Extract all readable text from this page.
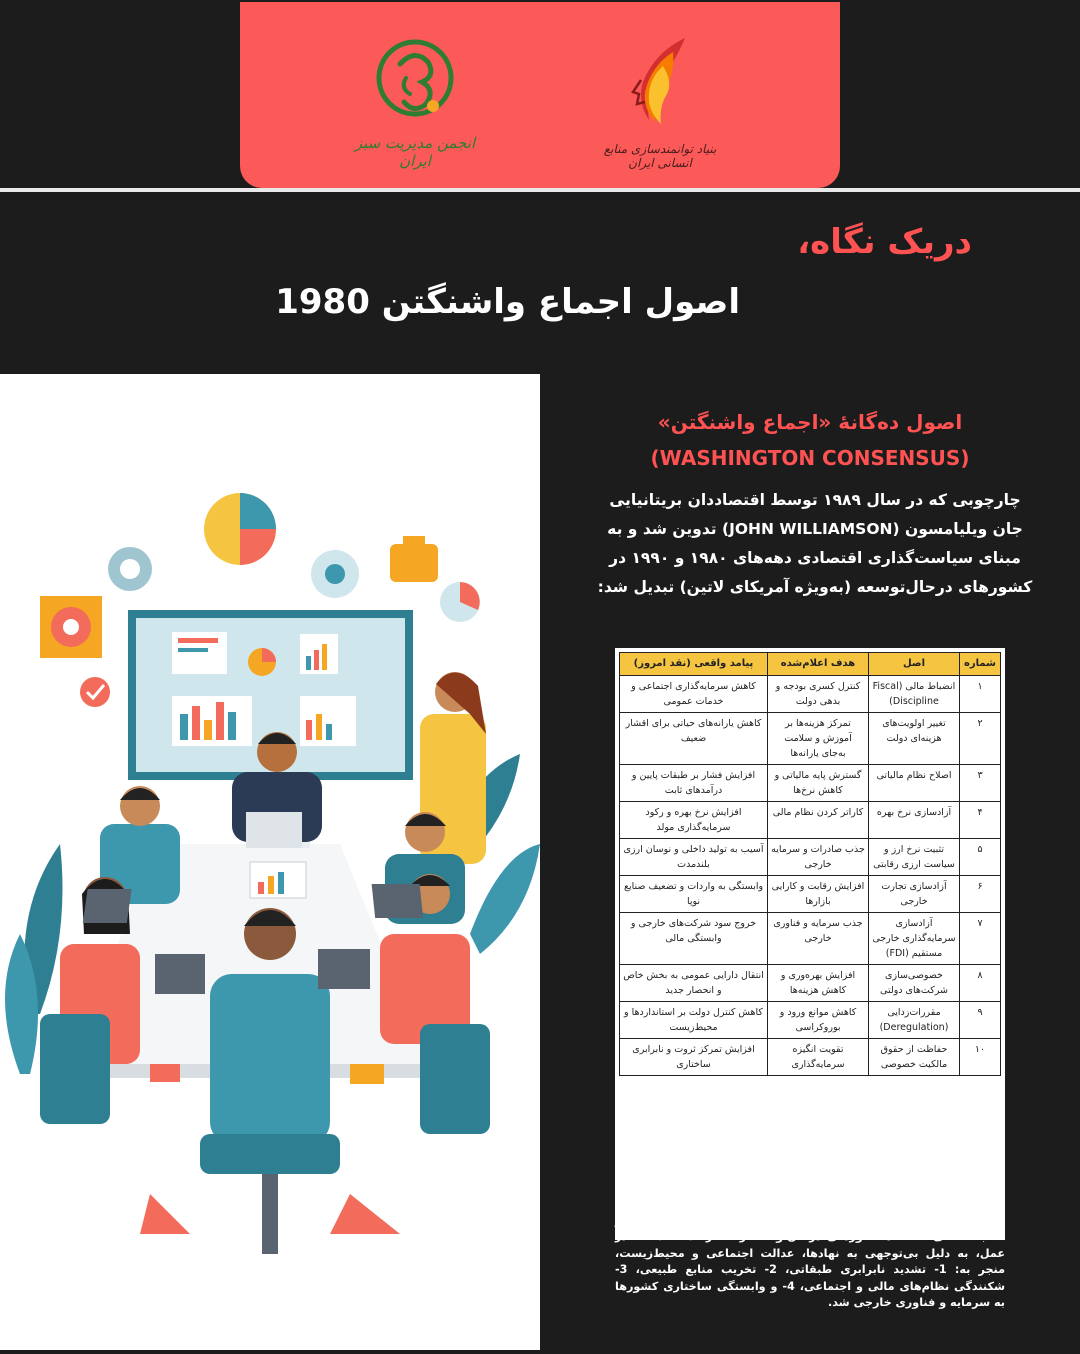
انجمن مدیریت سبز ایران
بنیاد توانمندسازی منابع انسانی ایران
دریک نگاه،
اصول اجماع واشنگتن 1980
اصول ده‌گانهٔ «اجماع واشنگتن»
(WASHINGTON CONSENSUS)
چارچوبی که در سال ۱۹۸۹ توسط اقتصاددان بریتانیایی
جان ویلیامسون (JOHN WILLIAMSON) تدوین شد و به
مبنای سیاست‌گذاری اقتصادی دهه‌های ۱۹۸۰ و ۱۹۹۰ در
کشورهای درحال‌توسعه (به‌ویژه آمریکای لاتین) تبدیل شد:
شماره	اصل	هدف اعلام‌شده	پیامد واقعی (نقد امروز)
۱	انضباط مالی (Fiscal Discipline)	کنترل کسری بودجه و بدهی دولت	کاهش سرمایه‌گذاری اجتماعی و خدمات عمومی
۲	تغییر اولویت‌های هزینه‌ای دولت	تمرکز هزینه‌ها بر آموزش و سلامت به‌جای یارانه‌ها	کاهش یارانه‌های حیاتی برای اقشار ضعیف
۳	اصلاح نظام مالیاتی	گسترش پایه مالیاتی و کاهش نرخ‌ها	افزایش فشار بر طبقات پایین و درآمدهای ثابت
۴	آزادسازی نرخ بهره	کاراتر کردن نظام مالی	افزایش نرخ بهره و رکود سرمایه‌گذاری مولد
۵	تثبیت نرخ ارز و سیاست ارزی رقابتی	جذب صادرات و سرمایه خارجی	آسیب به تولید داخلی و نوسان ارزی بلندمدت
۶	آزادسازی تجارت خارجی	افزایش رقابت و کارایی بازارها	وابستگی به واردات و تضعیف صنایع نوپا
۷	آزادسازی سرمایه‌گذاری خارجی مستقیم (FDI)	جذب سرمایه و فناوری خارجی	خروج سود شرکت‌های خارجی و وابستگی مالی
۸	خصوصی‌سازی شرکت‌های دولتی	افزایش بهره‌وری و کاهش هزینه‌ها	انتقال دارایی عمومی به بخش خاص و انحصار جدید
۹	مقررات‌زدایی (Deregulation)	کاهش موانع ورود و بوروکراسی	کاهش کنترل دولت بر استانداردها و محیط‌زیست
۱۰	حفاظت از حقوق مالکیت خصوصی	تقویت انگیزه سرمایه‌گذاری	افزایش تمرکز ثروت و نابرابری ساختاری
خلاصهٔ تحلیلی
اجماع واشنگتن تلاش می‌کرد با تکیه بر بازار آزاد، دولت کوچک و انضباط مالی، اقتصاد کشورهای درحال‌توسعه را «کارآمد» کند؛ اما در عمل، به دلیل بی‌توجهی به نهادها، عدالت اجتماعی و محیط‌زیست، منجر به: 1- تشدید نابرابری طبقاتی، 2- تخریب منابع طبیعی، 3- شکنندگی نظام‌های مالی و اجتماعی، 4- و وابستگی ساختاری کشورها به سرمایه و فناوری خارجی شد.
